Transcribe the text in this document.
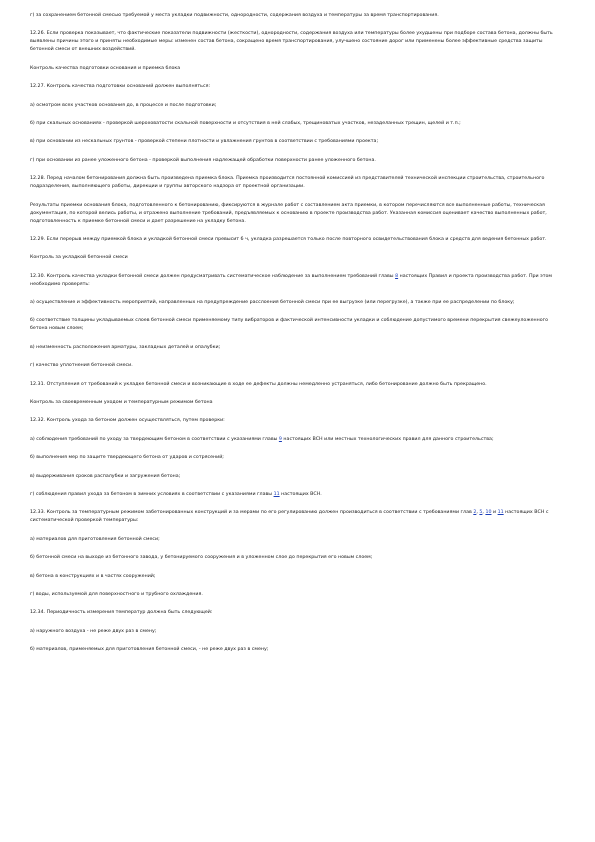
г) за сохранением бетонной смесью требуемой у места укладки подвижности, однородности, содержания воздуха и температуры за время транспортирования.
12.26. Если проверка показывает, что фактические показатели подвижности (жесткости), однородности, содержания воздуха или температуры более ухудшены при подборе состава бетона, должны быть выявлены причины этого и приняты необходимые меры: изменен состав бетона, сокращено время транспортирования, улучшено состояние дорог или применены более эффективные средства защиты бетонной смеси от внешних воздействий.
Контроль качества подготовки основания и приемка блока
12.27. Контроль качества подготовки оснований должен выполняться:
а) осмотром всех участков основания до, в процессе и после подготовки;
б) при скальных основаниях - проверкой шероховатости скальной поверхности и отсутствия в ней слабых, трещиноватых участков, незаделанных трещин, щелей и т.п.;
в) при основании из нескальных грунтов - проверкой степени плотности и увлажнения грунтов в соответствии с требованиями проекта;
г) при основании из ранее уложенного бетона - проверкой выполнения надлежащей обработки поверхности ранее уложенного бетона.
12.28. Перед началом бетонирования должна быть произведена приемка блока. Приемка производится постоянной комиссией из представителей технической инспекции строительства, строительного подразделения, выполняющего работы, дирекции и группы авторского надзора от проектной организации.
Результаты приемки основания блока, подготовленного к бетонированию, фиксируются в журнале работ с составлением акта приемки, в котором перечисляются все выполненные работы, техническая документация, по которой велись работы, и отражено выполнение требований, предъявляемых к основанию в проекте производства работ. Указанная комиссия оценивает качество выполненных работ, подготовленность к приемке бетонной смеси и дает разрешение на укладку бетона.
12.29. Если перерыв между приемкой блока и укладкой бетонной смеси превысит 6 ч, укладка разрешается только после повторного освидетельствования блока и средств для ведения бетонных работ.
Контроль за укладкой бетонной смеси
12.30. Контроль качества укладки бетонной смеси должен предусматривать систематическое наблюдение за выполнением требований главы 8 настоящих Правил и проекта производства работ. При этом необходимо проверять:
а) осуществление и эффективность мероприятий, направленных на предупреждение расслоения бетонной смеси при ее выгрузке (или перегрузке), а также при ее распределении по блоку;
б) соответствие толщины укладываемых слоев бетонной смеси применяемому типу вибраторов и фактической интенсивности укладки и соблюдение допустимого времени перекрытия свежеуложенного бетона новым слоем;
в) неизменность расположения арматуры, закладных деталей и опалубки;
г) качество уплотнения бетонной смеси.
12.31. Отступления от требований к укладке бетонной смеси и возникающие в ходе ее дефекты должны немедленно устраняться, либо бетонирование должно быть прекращено.
Контроль за своевременным уходом и температурным режимом бетона
12.32. Контроль ухода за бетоном должен осуществляться, путем проверки:
а) соблюдения требований по уходу за твердеющим бетоном в соответствии с указаниями главы 9 настоящих ВСН или местных технологических правил для данного строительства;
б) выполнения мер по защите твердеющего бетона от ударов и сотрясений;
в) выдерживания сроков распалубки и загружения бетона;
г) соблюдения правил ухода за бетоном в зимних условиях в соответствии с указаниями главы 11 настоящих ВСН.
12.33. Контроль за температурным режимом забетонированных конструкций и за мерами по его регулированию должен производиться в соответствии с требованиями глав 2, 5, 10 и 11 настоящих ВСН с систематической проверкой температуры:
а) материалов для приготовления бетонной смеси;
б) бетонной смеси на выходе из бетонного завода, у бетонируемого сооружения и в уложенном слое до перекрытия его новым слоем;
в) бетона в конструкциях и в частях сооружений;
г) воды, используемой для поверхностного и трубного охлаждения.
12.34. Периодичность измерения температур должна быть следующей:
а) наружного воздуха - не реже двух раз в смену;
б) материалов, применяемых для приготовления бетонной смеси, - не реже двух раз в смену;
